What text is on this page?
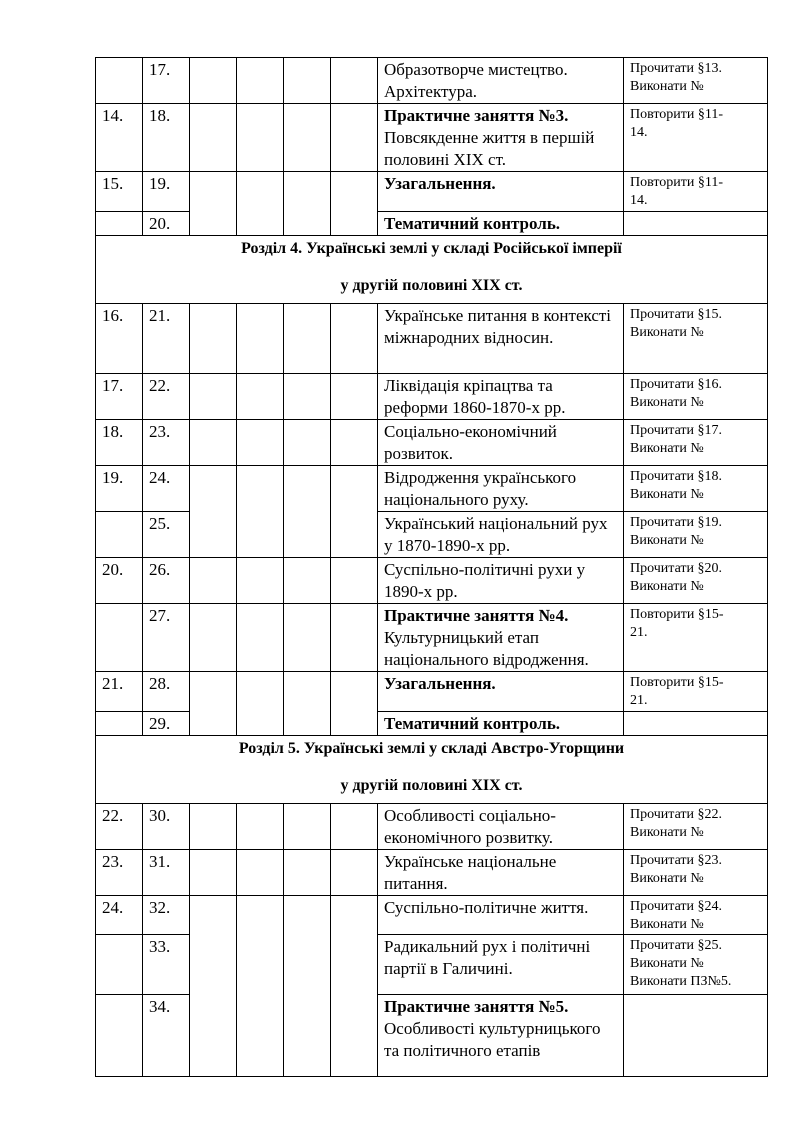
	17.					Образотворче мистецтво. Архітектура.	Прочитати §13.
Виконати №
14.	18.					Практичне заняття №3.
Повсякденне життя в першій половині XIX ст.	Повторити §11-
14.
15.	19.					Узагальнення.	Повторити §11-
14.
	20.					Тематичний контроль.	

Розділ 4. Українські землі у складі Російської імперії
у другій половині XIX ст.							

16.	21.					Українське питання в контексті міжнародних відносин.	Прочитати §15.
Виконати №
17.	22.					Ліквідація кріпацтва та реформи 1860-1870-х рр.	Прочитати §16.
Виконати №
18.	23.					Соціально-економічний розвиток.	Прочитати §17.
Виконати №
19.	24.					Відродження українського національного руху.	Прочитати §18.
Виконати №
	25.					Український національний рух у 1870-1890-х рр.	Прочитати §19.
Виконати №
20.	26.					Суспільно-політичні рухи у 1890-х рр.	Прочитати §20.
Виконати №
	27.					Практичне заняття №4.
Культурницький етап національного відродження.	Повторити §15-
21.
21.	28.					Узагальнення.	Повторити §15-
21.
	29.					Тематичний контроль.	

Розділ 5. Українські землі у складі Австро-Угорщини
у другій половині XIX ст.							

22.	30.					Особливості соціально-економічного розвитку.	Прочитати §22.
Виконати №
23.	31.					Українське національне питання.	Прочитати §23.
Виконати №
24.	32.					Суспільно-політичне життя.	Прочитати §24.
Виконати №
	33.					Радикальний рух і політичні партії в Галичині.	Прочитати §25.
Виконати №
Виконати ПЗ№5.
	34.					Практичне заняття №5.
Особливості культурницького та політичного етапів	
